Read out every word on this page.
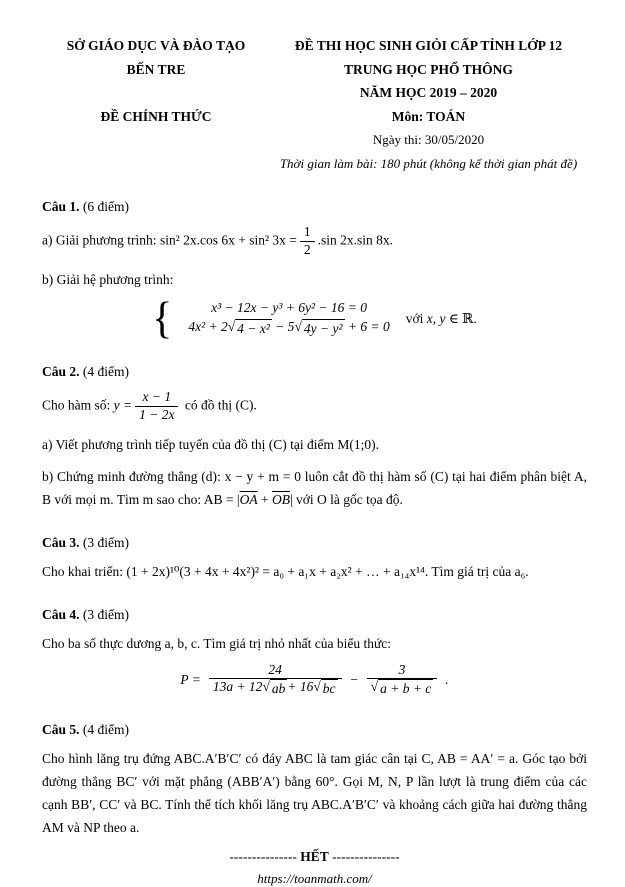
SỞ GIÁO DỤC VÀ ĐÀO TẠO
BẾN TRE
ĐỀ CHÍNH THỨC
ĐỀ THI HỌC SINH GIỎI CẤP TỈNH LỚP 12
TRUNG HỌC PHỔ THÔNG
NĂM HỌC 2019 – 2020
Môn: TOÁN
Ngày thi: 30/05/2020
Thời gian làm bài: 180 phút (không kể thời gian phát đề)
Câu 1. (6 điểm)
a) Giải phương trình: sin² 2x.cos 6x + sin² $3x = \frac{1}{2} .\sin$ 2x.sin 8x.
b) Giải hệ phương trình:
{	x³ − 12x − y³ + 6y² − 16 = 0
4x² + 2 √ 4 − x² − 5 √ 4y − y² + 6 = 0
với x, y ∈ ℝ.
Câu 2. (4 điểm)
Cho hàm số: $y = \frac{x - 1}{1 - 2x}$ có đồ thị (C).
a) Viết phương trình tiếp tuyến của đồ thị (C) tại điểm M(1;0).
b) Chứng minh đường thẳng (d): x − y + m = 0 luôn cắt đồ thị hàm số (C) tại hai điểm phân biệt A, B với mọi m. Tìm m sao cho: AB = $|\overline{OA} + \overline{OB}|$ với O là gốc tọa độ.
Câu 3. (3 điểm)
Cho khai triển: (1 + 2x)¹⁰(3 + 4x + 4x²)² = a₀ + a₁x + a₂x² + … + a₁₄x¹⁴. Tìm giá trị của a₆.
Câu 4. (3 điểm)
Cho ba số thực dương a, b, c. Tìm giá trị nhỏ nhất của biểu thức:
$P = \frac{24}{13a + 12 √ ab + 16 √ bc} - \frac{3}{√ a + b + c}$ .
Câu 5. (4 điểm)
Cho hình lăng trụ đứng ABC.A′B′C′ có đáy ABC là tam giác cân tại C, AB = AA′ = a. Góc tạo bởi đường thẳng BC′ với mặt phẳng (ABB′A′) bằng 60°. Gọi M, N, P lần lượt là trung điểm của các cạnh BB′, CC′ và BC. Tính thể tích khối lăng trụ ABC.A′B′C′ và khoảng cách giữa hai đường thẳng AM và NP theo a.
--------------- HẾT ---------------
https://toanmath.com/
